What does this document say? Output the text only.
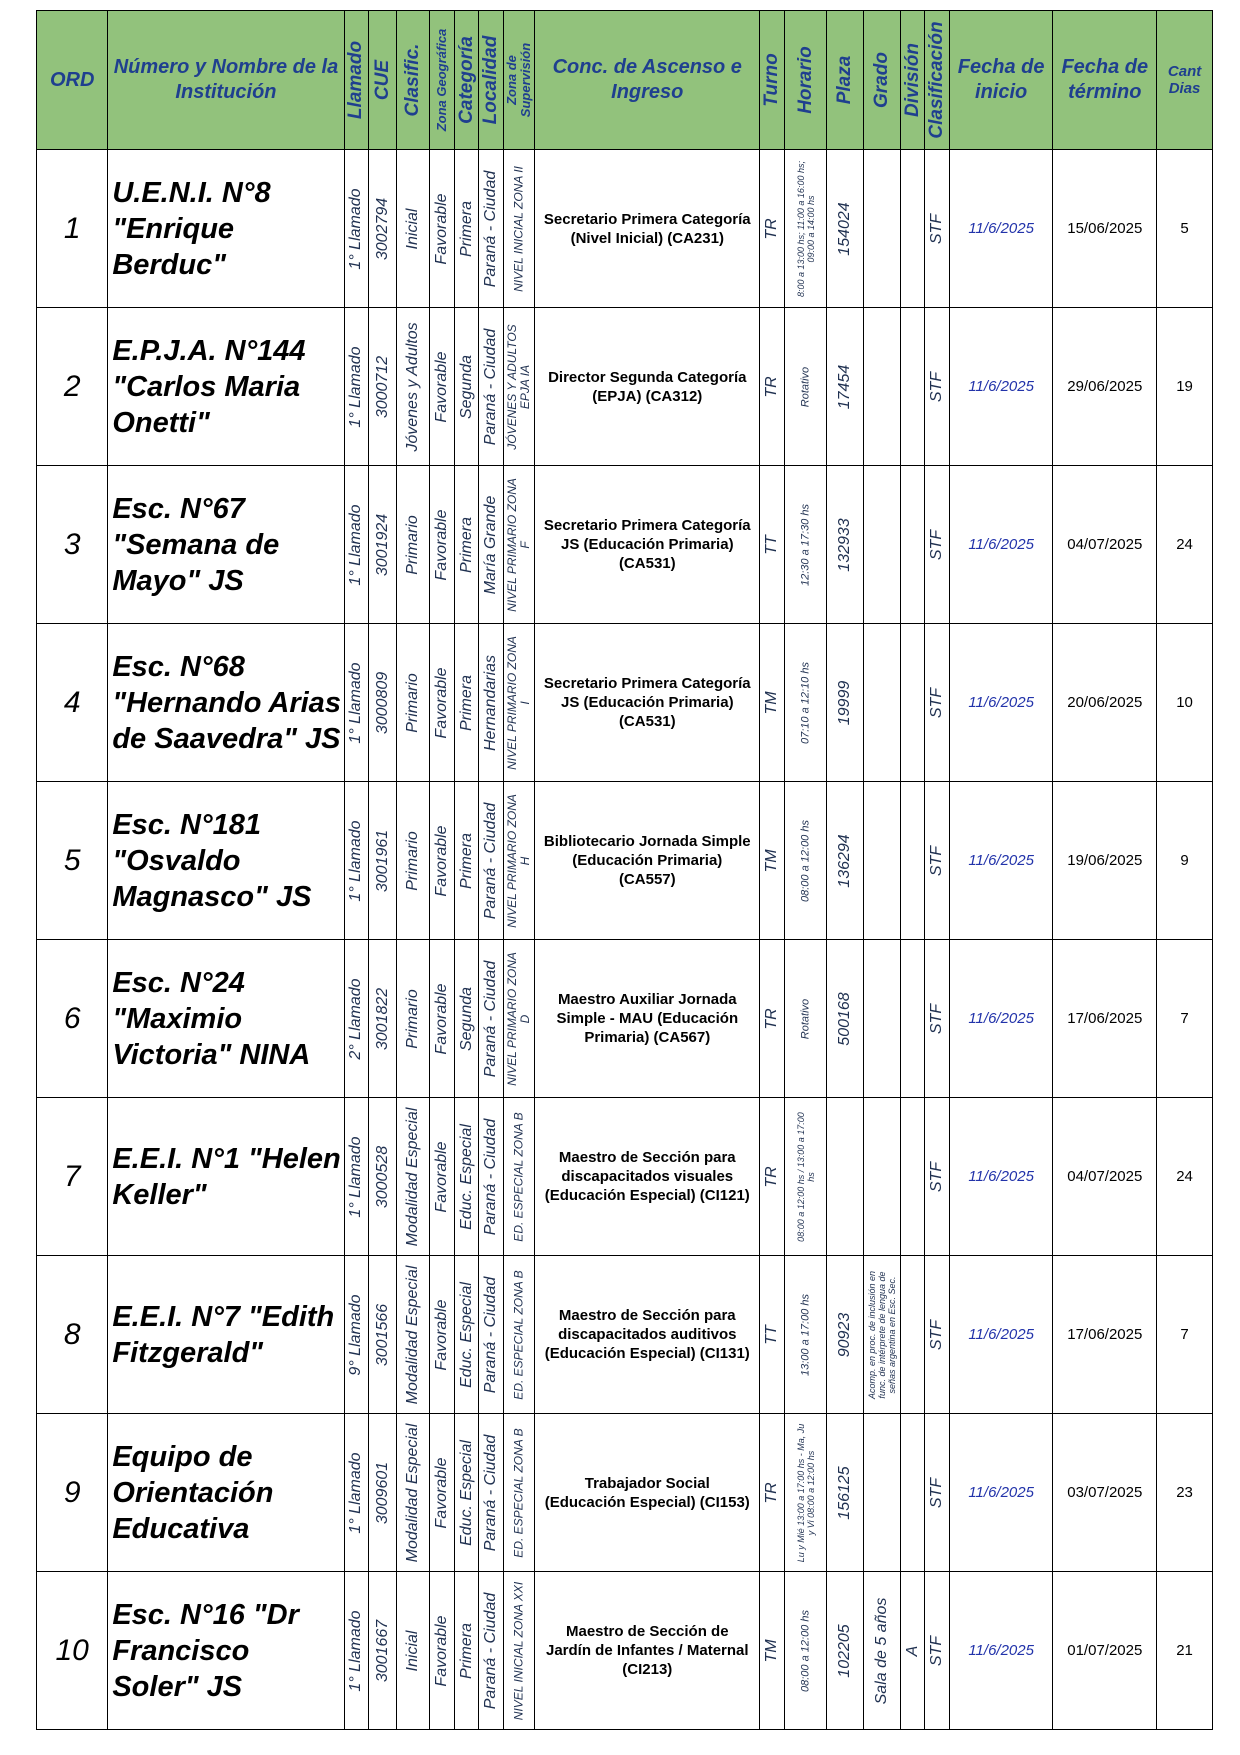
ORD	Número y Nombre de la Institución	Llamado	CUE	Clasific.	Zona Geográfica	Categoría	Localidad	Zona de Supervisión	Conc. de Ascenso e Ingreso	Turno	Horario	Plaza	Grado	División	Clasificación	Fecha de inicio	Fecha de término	Cant Dias
1	U.E.N.I. N°8 "Enrique Berduc"	1° Llamado	3002794	Inicial	Favorable	Primera	Paraná - Ciudad	NIVEL INICIAL ZONA II	Secretario Primera Categoría (Nivel Inicial) (CA231)	TR	8:00 a 13:00 hs; 11:00 a 16:00 hs; 09:00 a 14:00 hs	154024			STF	11/6/2025	15/06/2025	5
2	E.P.J.A. N°144 "Carlos Maria Onetti"	1° Llamado	3000712	Jóvenes y Adultos	Favorable	Segunda	Paraná - Ciudad	JÓVENES Y ADULTOS EPJA IA	Director Segunda Categoría (EPJA) (CA312)	TR	Rotativo	17454			STF	11/6/2025	29/06/2025	19
3	Esc. N°67 "Semana de Mayo" JS	1° Llamado	3001924	Primario	Favorable	Primera	María Grande	NIVEL PRIMARIO ZONA F	Secretario Primera Categoría JS (Educación Primaria) (CA531)	TT	12:30 a 17:30 hs	132933			STF	11/6/2025	04/07/2025	24
4	Esc. N°68 "Hernando Arias de Saavedra" JS	1° Llamado	3000809	Primario	Favorable	Primera	Hernandarias	NIVEL PRIMARIO ZONA I	Secretario Primera Categoría JS (Educación Primaria) (CA531)	TM	07:10 a 12:10 hs	19999			STF	11/6/2025	20/06/2025	10
5	Esc. N°181 "Osvaldo Magnasco" JS	1° Llamado	3001961	Primario	Favorable	Primera	Paraná - Ciudad	NIVEL PRIMARIO ZONA H	Bibliotecario Jornada Simple (Educación Primaria) (CA557)	TM	08:00 a 12:00 hs	136294			STF	11/6/2025	19/06/2025	9
6	Esc. N°24 "Maximio Victoria" NINA	2° Llamado	3001822	Primario	Favorable	Segunda	Paraná - Ciudad	NIVEL PRIMARIO ZONA D	Maestro Auxiliar Jornada Simple - MAU (Educación Primaria) (CA567)	TR	Rotativo	500168			STF	11/6/2025	17/06/2025	7
7	E.E.I. N°1 "Helen Keller"	1° Llamado	3000528	Modalidad Especial	Favorable	Educ. Especial	Paraná - Ciudad	ED. ESPECIAL ZONA B	Maestro de Sección para discapacitados visuales (Educación Especial) (CI121)	TR	08:00 a 12:00 hs / 13:00 a 17:00 hs				STF	11/6/2025	04/07/2025	24
8	E.E.I. N°7 "Edith Fitzgerald"	9° Llamado	3001566	Modalidad Especial	Favorable	Educ. Especial	Paraná - Ciudad	ED. ESPECIAL ZONA B	Maestro de Sección para discapacitados auditivos (Educación Especial) (CI131)	TT	13:00 a 17:00 hs	90923	Acomp. en proc. de inclusión en func. de intérprete de lengua de señas argentina en Esc. Sec.		STF	11/6/2025	17/06/2025	7
9	Equipo de Orientación Educativa	1° Llamado	3009601	Modalidad Especial	Favorable	Educ. Especial	Paraná - Ciudad	ED. ESPECIAL ZONA B	Trabajador Social (Educación Especial) (CI153)	TR	Lu y Mié 13:00 a 17:00 hs - Ma, Ju y Vi 08:00 a 12:00 hs	156125			STF	11/6/2025	03/07/2025	23
10	Esc. N°16 "Dr Francisco Soler" JS	1° Llamado	3001667	Inicial	Favorable	Primera	Paraná - Ciudad	NIVEL INICIAL ZONA XXI	Maestro de Sección de Jardín de Infantes / Maternal (CI213)	TM	08:00 a 12:00 hs	102205	Sala de 5 años	A	STF	11/6/2025	01/07/2025	21
